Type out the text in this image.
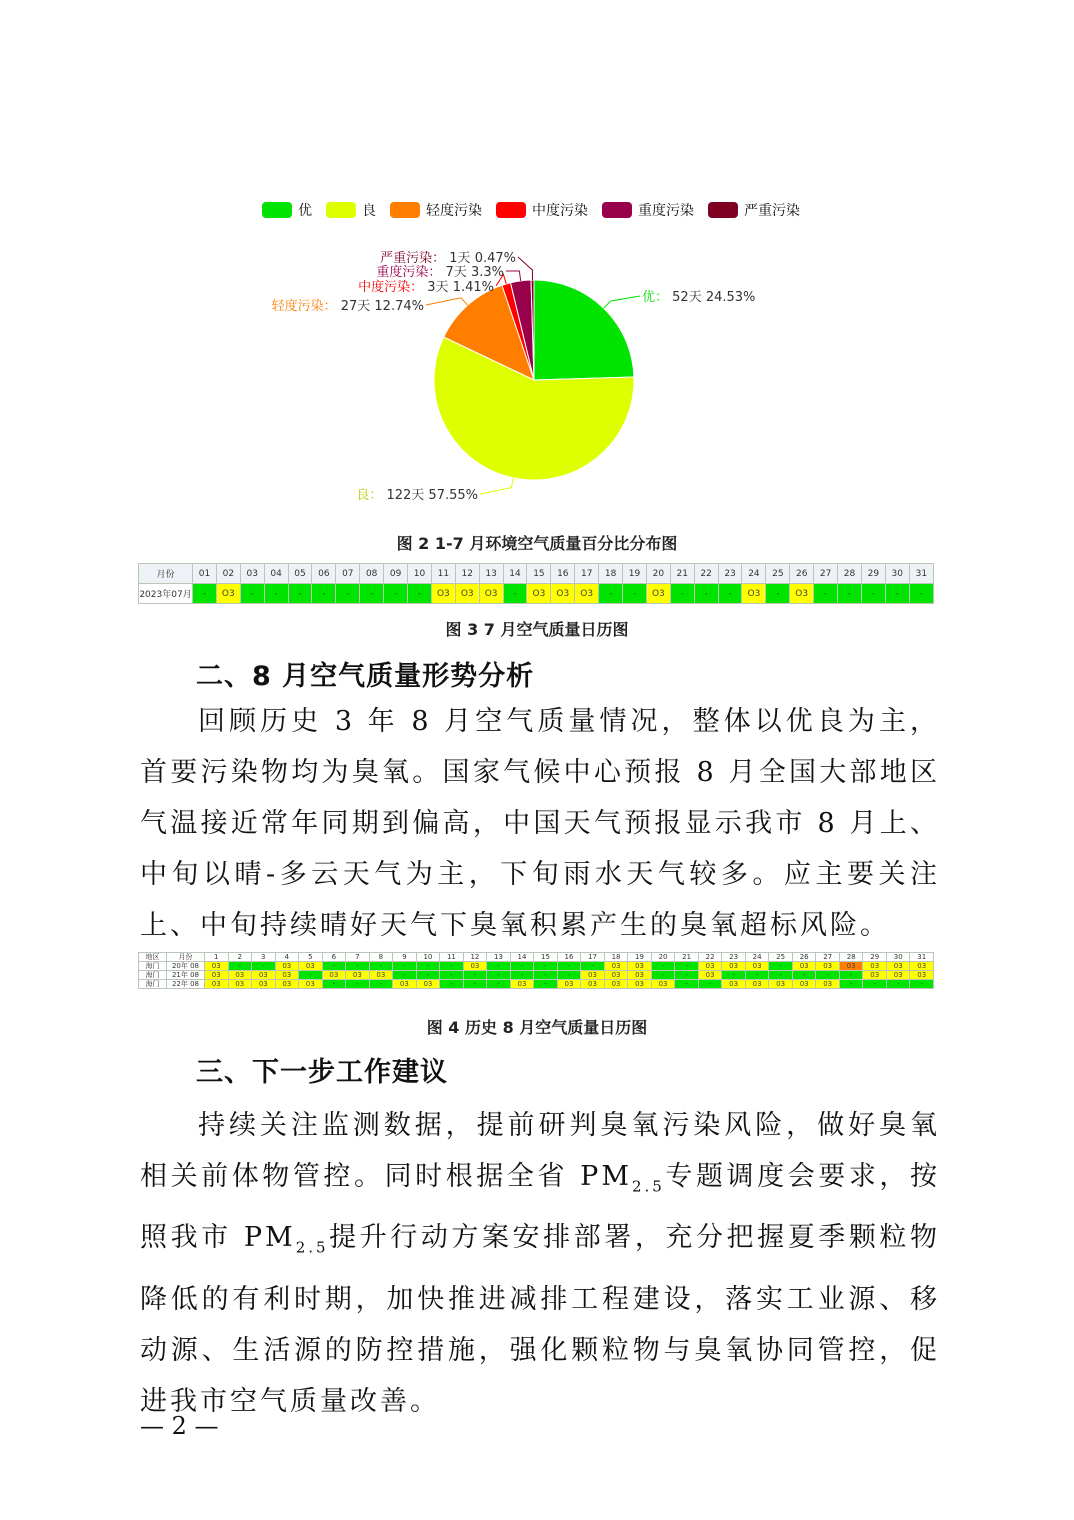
优	良	轻度污染	中度污染	重度污染	严重污染
优： 52天 24.53%
良： 122天 57.55%
轻度污染： 27天 12.74%
中度污染： 3天 1.41%
重度污染： 7天 3.3%
严重污染： 1天 0.47%
图 2 1-7 月环境空气质量百分比分布图
月份	01	02	03	04	05	06	07	08	09	10	11	12	13	14	15	16	17	18	19	20	21	22	23	24	25	26	27	28	29	30	31
2023年07月	-	O3	-	-	-	-	-	-	-	-	O3	O3	O3	-	O3	O3	O3	-	-	O3	-	-	-	O3	-	O3	-	-	-	-	-
图 3 7 月空气质量日历图
二、8 月空气质量形势分析
回顾历史 3 年 8 月空气质量情况，整体以优良为主，首要污染物均为臭氧。国家气候中心预报 8 月全国大部地区气温接近常年同期到偏高，中国天气预报显示我市 8 月上、中旬以晴-多云天气为主，下旬雨水天气较多。应主要关注上、中旬持续晴好天气下臭氧积累产生的臭氧超标风险。
地区	月份	1	2	3	4	5	6	7	8	9	10	11	12	13	14	15	16	17	18	19	20	21	22	23	24	25	26	27	28	29	30	31
海门	20年 08	03	-	-	03	03	-	-	-	-	-	-	03	-	-	-	-	-	03	03	-	-	03	03	03	-	03	03	03	03	03	03
海门	21年 08	03	03	03	03	-	03	03	03	-	-	-	-	-	-	-	-	03	03	03	-	-	03	-	-	-	-	-	-	03	03	03
海门	22年 08	03	03	03	03	03	-	-	-	03	03	-	-	-	03	-	03	03	03	03	03	-	-	03	03	03	03	03	-	-	-	-
图 4 历史 8 月空气质量日历图
三、下一步工作建议
持续关注监测数据，提前研判臭氧污染风险，做好臭氧相关前体物管控。同时根据全省 $PM_{2.5}$专题调度会要求，按照我市 $PM_{2.5}$提升行动方案安排部署，充分把握夏季颗粒物降低的有利时期，加快推进减排工程建设，落实工业源、移动源、生活源的防控措施，强化颗粒物与臭氧协同管控，促进我市空气质量改善。
— 2 —
